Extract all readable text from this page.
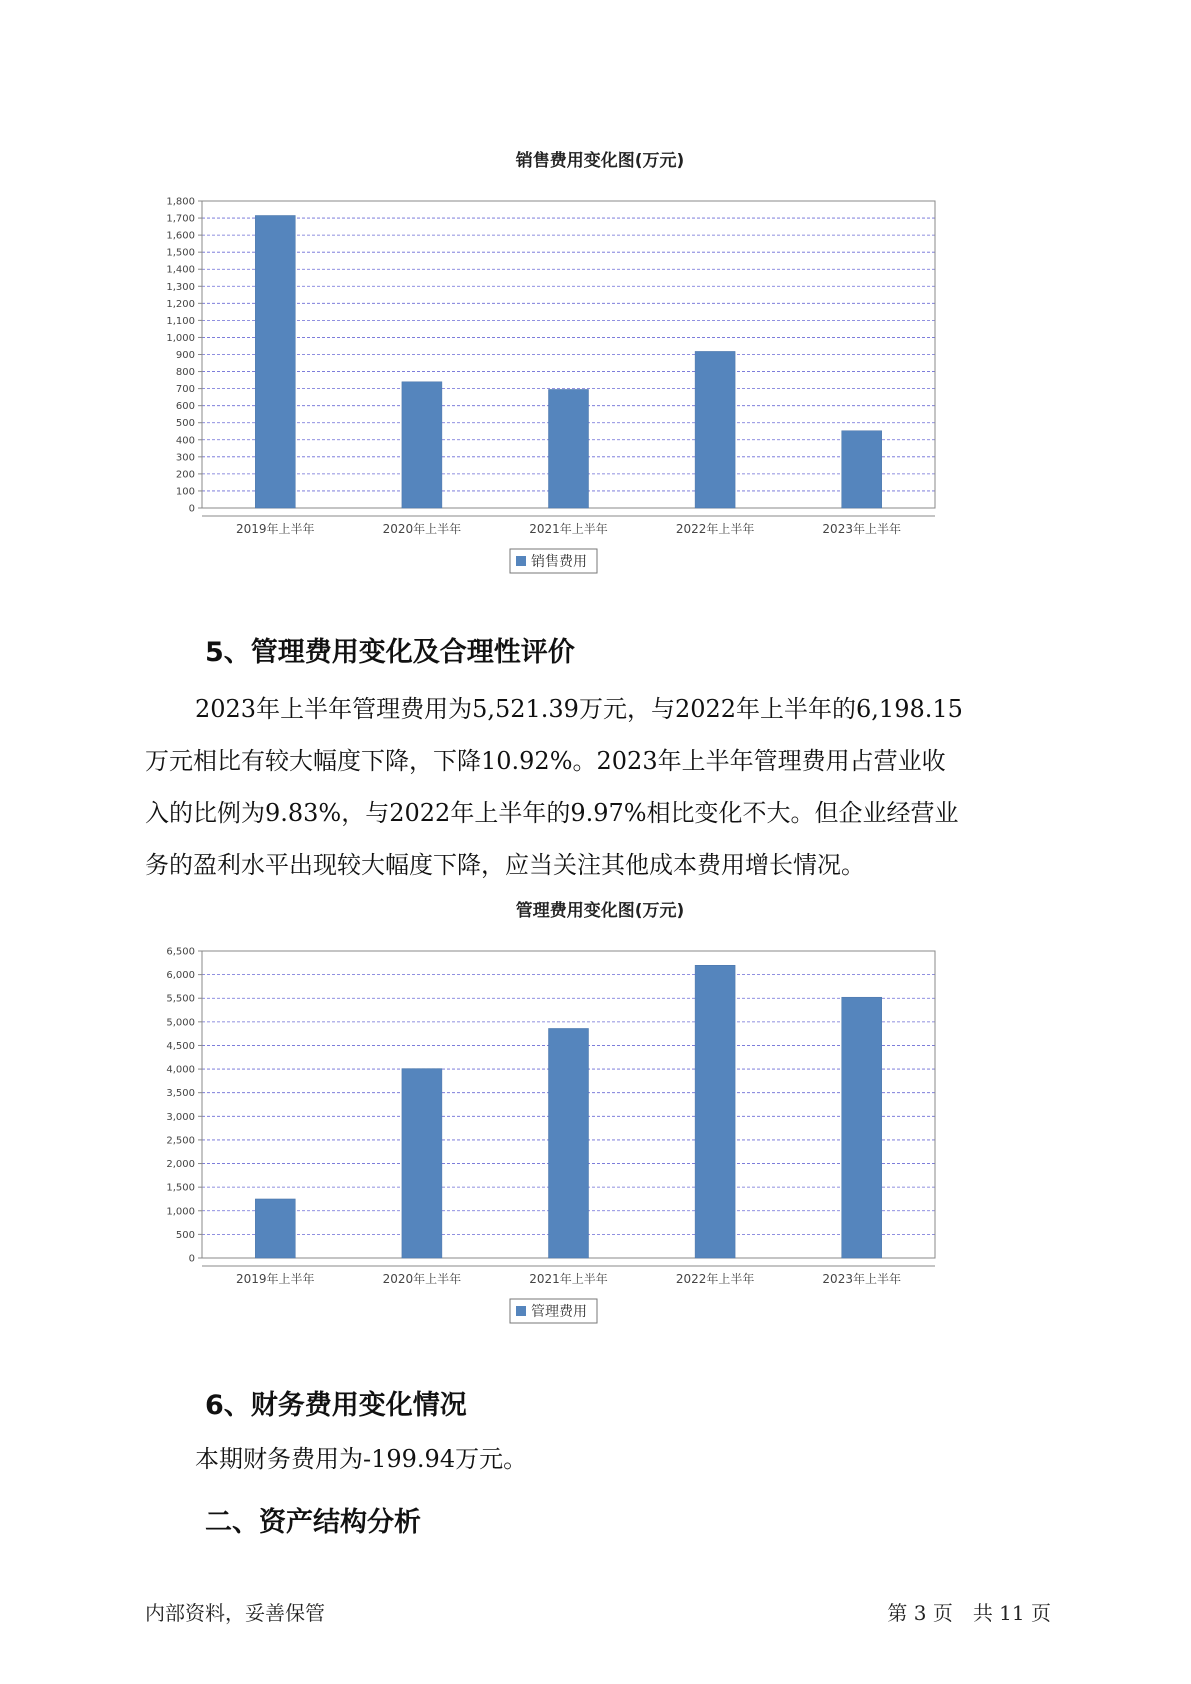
销售费用变化图(万元)
0
100
200
300
400
500
600
700
800
900
1,000
1,100
1,200
1,300
1,400
1,500
1,600
1,700
1,800
2019年上半年	2020年上半年	2021年上半年	2022年上半年	2023年上半年
销售费用
5、管理费用变化及合理性评价
2023年上半年管理费用为5,521.39万元，与2022年上半年的6,198.15
万元相比有较大幅度下降，下降10.92%。2023年上半年管理费用占营业收
入的比例为9.83%，与2022年上半年的9.97%相比变化不大。但企业经营业
务的盈利水平出现较大幅度下降，应当关注其他成本费用增长情况。
管理费用变化图(万元)
0
500
1,000
1,500
2,000
2,500
3,000
3,500
4,000
4,500
5,000
5,500
6,000
6,500
2019年上半年	2020年上半年	2021年上半年	2022年上半年	2023年上半年
管理费用
6、财务费用变化情况
本期财务费用为-199.94万元。
二、资产结构分析
内部资料，妥善保管	第 3 页　共 11 页
